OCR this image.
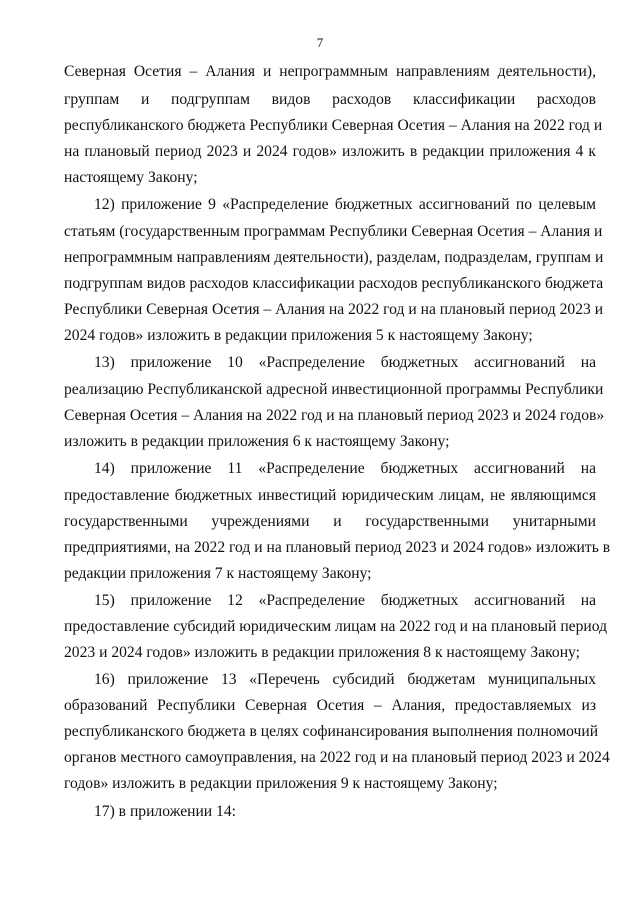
7
Северная Осетия – Алания и непрограммным направлениям деятельности),
группам и подгруппам видов расходов классификации расходов
республиканского бюджета Республики Северная Осетия – Алания на 2022 год и
на плановый период 2023 и 2024 годов» изложить в редакции приложения 4 к
настоящему Закону;
12) приложение 9 «Распределение бюджетных ассигнований по целевым
статьям (государственным программам Республики Северная Осетия – Алания и
непрограммным направлениям деятельности), разделам, подразделам, группам и
подгруппам видов расходов классификации расходов республиканского бюджета
Республики Северная Осетия – Алания на 2022 год и на плановый период 2023 и
2024 годов» изложить в редакции приложения 5 к настоящему Закону;
13) приложение 10 «Распределение бюджетных ассигнований на
реализацию Республиканской адресной инвестиционной программы Республики
Северная Осетия – Алания на 2022 год и на плановый период 2023 и 2024 годов»
изложить в редакции приложения 6 к настоящему Закону;
14) приложение 11 «Распределение бюджетных ассигнований на
предоставление бюджетных инвестиций юридическим лицам, не являющимся
государственными учреждениями и государственными унитарными
предприятиями, на 2022 год и на плановый период 2023 и 2024 годов» изложить в
редакции приложения 7 к настоящему Закону;
15) приложение 12 «Распределение бюджетных ассигнований на
предоставление субсидий юридическим лицам на 2022 год и на плановый период
2023 и 2024 годов» изложить в редакции приложения 8 к настоящему Закону;
16) приложение 13 «Перечень субсидий бюджетам муниципальных
образований Республики Северная Осетия – Алания, предоставляемых из
республиканского бюджета в целях софинансирования выполнения полномочий
органов местного самоуправления, на 2022 год и на плановый период 2023 и 2024
годов» изложить в редакции приложения 9 к настоящему Закону;
17) в приложении 14:
